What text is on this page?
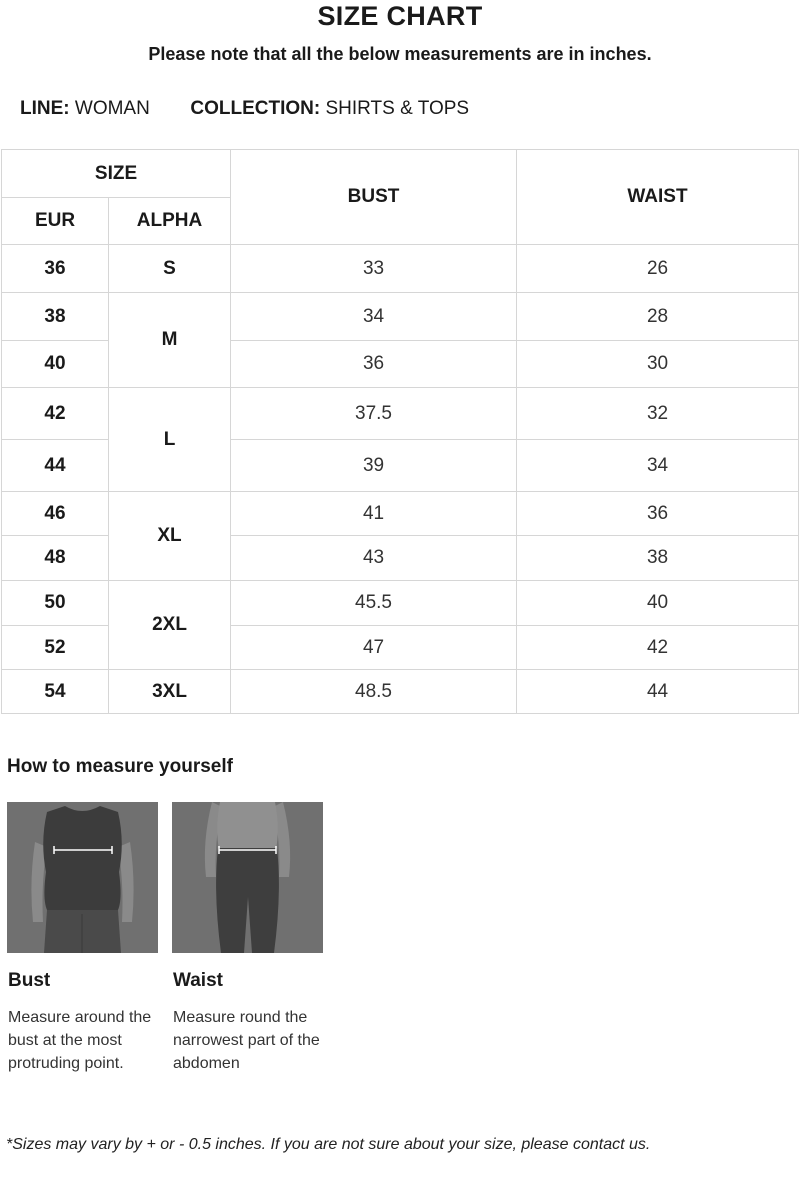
SIZE CHART
Please note that all the below measurements are in inches.
LINE: WOMAN COLLECTION: SHIRTS & TOPS
SIZE		BUST	WAIST
EUR	ALPHA		
36	S	33	26
38	M	34	28
40		36	30
42	L	37.5	32
44		39	34
46	XL	41	36
48		43	38
50	2XL	45.5	40
52		47	42
54	3XL	48.5	44
How to measure yourself
Bust
Measure around the bust at the most protruding point.
Waist
Measure round the narrowest part of the abdomen
*Sizes may vary by + or - 0.5 inches. If you are not sure about your size, please contact us.
